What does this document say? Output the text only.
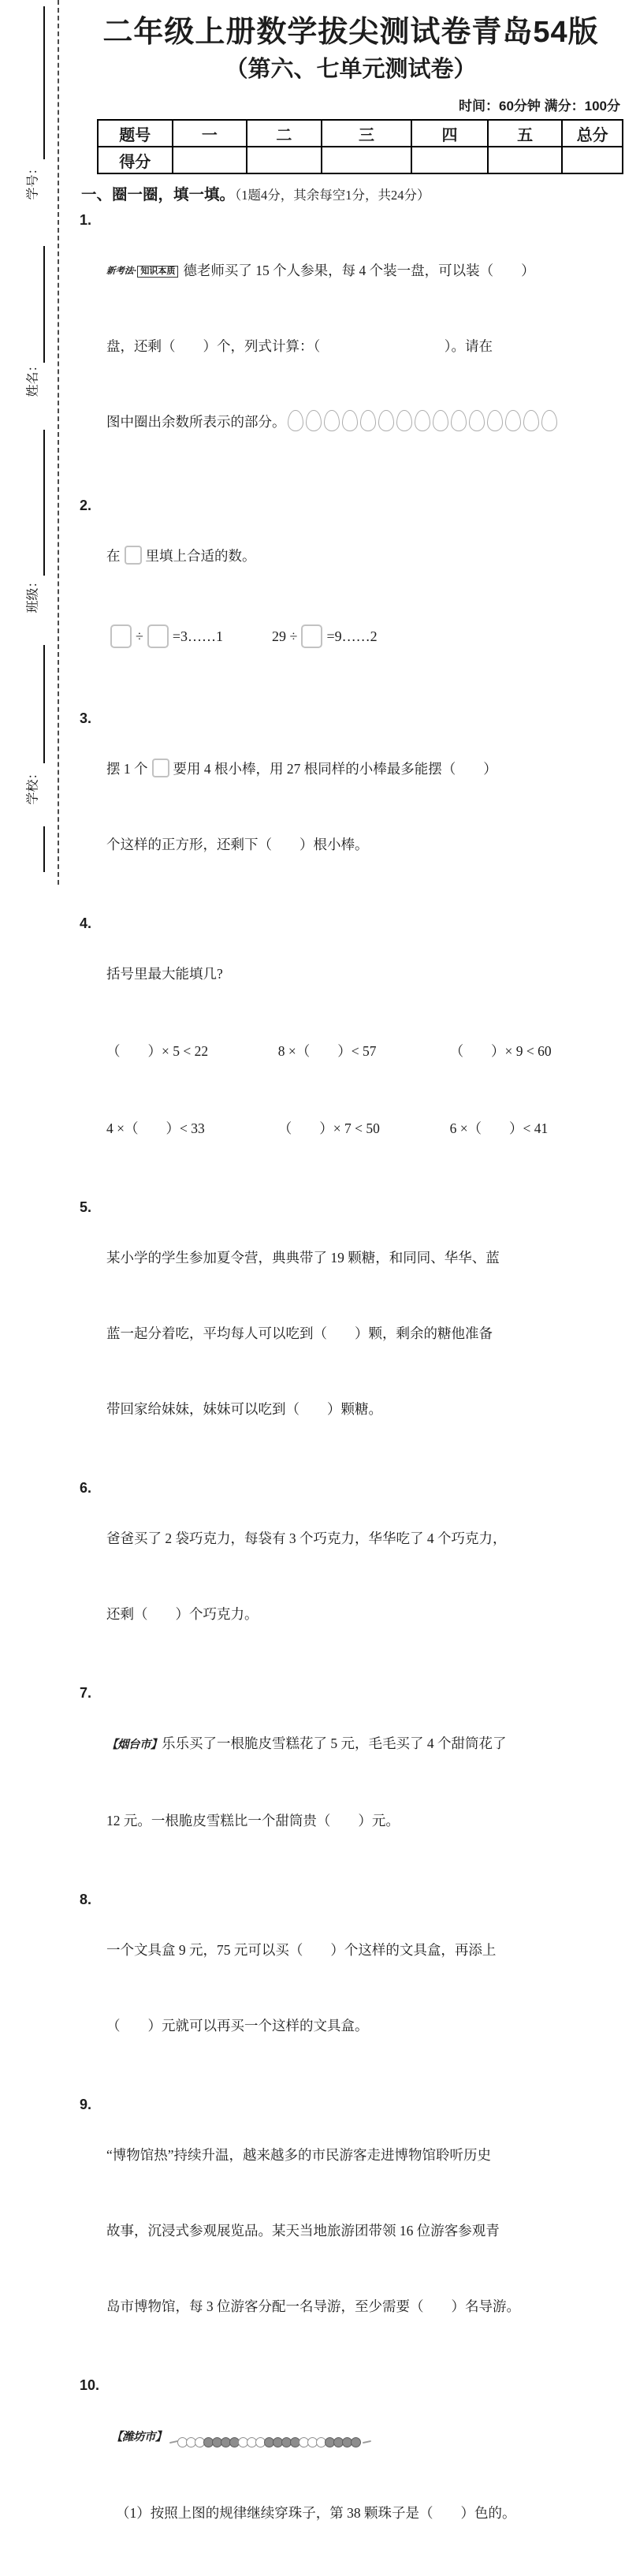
学号：
姓名：
班级：
学校：
二年级上册数学拔尖测试卷青岛54版
（第六、七单元测试卷）
时间：60分钟 满分：100分
题号	一	二	三	四	五	总分
得分						
一、圈一圈，填一填。（1题4分，其余每空1分，共24分）
1.

新考法· 知识本质 德老师买了 15 个人参果，每 4 个装一盘，可以装（　　）

盘，还剩（　　）个，列式计算：（　　　　　　　　　）。请在

图中圈出余数所表示的部分。

2.

在 里填上合适的数。

÷ =3……1	29 ÷ =9……2

3.

摆 1 个 要用 4 根小棒，用 27 根同样的小棒最多能摆（　　）

个这样的正方形，还剩下（　　）根小棒。

4.

括号里最大能填几?

（　　）× 5 < 22	8 ×（　　）< 57	（　　）× 9 < 60

4 ×（　　）< 33	（　　）× 7 < 50	6 ×（　　）< 41

5.

某小学的学生参加夏令营，典典带了 19 颗糖，和同同、华华、蓝

蓝一起分着吃，平均每人可以吃到（　　）颗，剩余的糖他准备

带回家给妹妹，妹妹可以吃到（　　）颗糖。

6.

爸爸买了 2 袋巧克力，每袋有 3 个巧克力，华华吃了 4 个巧克力，

还剩（　　）个巧克力。

7.

【烟台市】乐乐买了一根脆皮雪糕花了 5 元，毛毛买了 4 个甜筒花了

12 元。一根脆皮雪糕比一个甜筒贵（　　）元。

8.

一个文具盒 9 元，75 元可以买（　　）个这样的文具盒，再添上

（　　）元就可以再买一个这样的文具盒。

9.

“博物馆热”持续升温，越来越多的市民游客走进博物馆聆听历史

故事，沉浸式参观展览品。某天当地旅游团带领 16 位游客参观青

岛市博物馆，每 3 位游客分配一名导游，至少需要（　　）名导游。

10.

【潍坊市】

（1）按照上图的规律继续穿珠子，第 38 颗珠子是（　　）色的。
